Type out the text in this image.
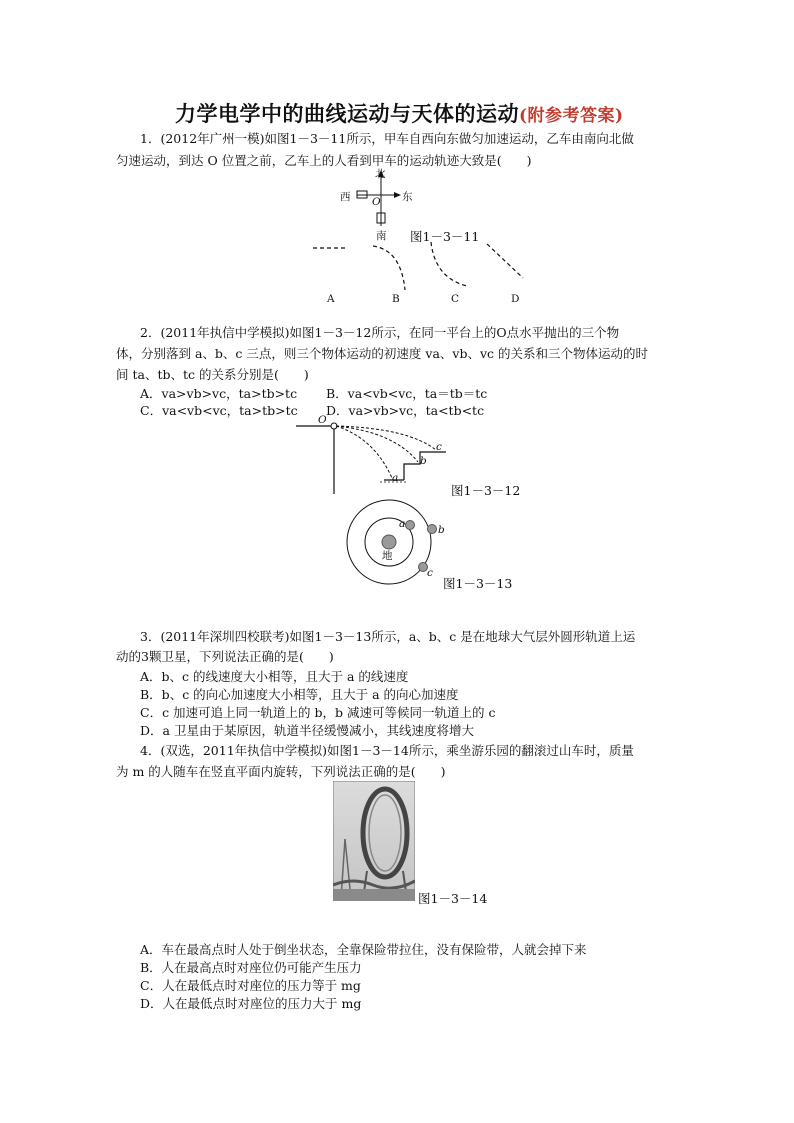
力学电学中的曲线运动与天体的运动(附参考答案)
1．(2012年广州一模)如图1－3－11所示，甲车自西向东做匀加速运动，乙车由南向北做
匀速运动，到达 O 位置之前，乙车上的人看到甲车的运动轨迹大致是(　　)
北
西	东
O
南 图1－3－11
A	B	C	D
2．(2011年执信中学模拟)如图1－3－12所示，在同一平台上的O点水平抛出的三个物
体，分别落到 a、b、c 三点，则三个物体运动的初速度 va、vb、vc 的关系和三个物体运动的时
间 ta、tb、tc 的关系分别是(　　)
A．va>vb>vc，ta>tb>tc B．va<vb<vc，ta＝tb＝tc
C．va<vb<vc，ta>tb>tc D．va>vb>vc，ta<tb<tc
O
a
b
c
图1－3－12
地
a	b
c
图1－3－13
3．(2011年深圳四校联考)如图1－3－13所示，a、b、c 是在地球大气层外圆形轨道上运
动的3颗卫星，下列说法正确的是(　　)
A．b、c 的线速度大小相等，且大于 a 的线速度
B．b、c 的向心加速度大小相等，且大于 a 的向心加速度
C．c 加速可追上同一轨道上的 b，b 减速可等候同一轨道上的 c
D．a 卫星由于某原因，轨道半径缓慢减小，其线速度将增大
4．(双选，2011年执信中学模拟)如图1－3－14所示，乘坐游乐园的翻滚过山车时，质量
为 m 的人随车在竖直平面内旋转，下列说法正确的是(　　)
图1－3－14
A．车在最高点时人处于倒坐状态，全靠保险带拉住，没有保险带，人就会掉下来
B．人在最高点时对座位仍可能产生压力
C．人在最低点时对座位的压力等于 mg
D．人在最低点时对座位的压力大于 mg
